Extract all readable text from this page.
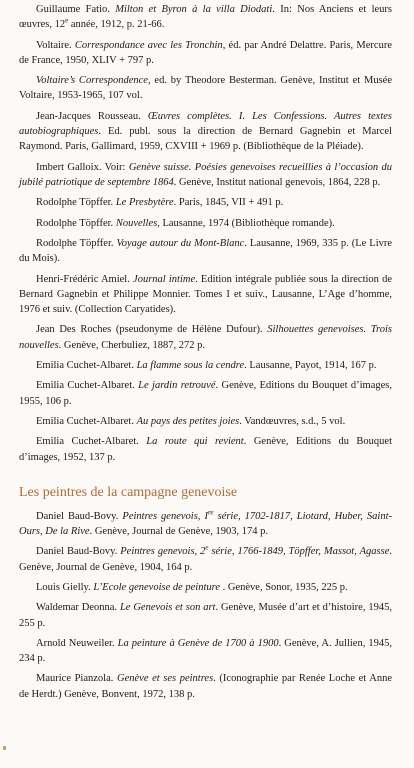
Guillaume Fatio. Milton et Byron à la villa Diodati. In: Nos Anciens et leurs œuvres, 12e année, 1912, p. 21-66.

Voltaire. Correspondance avec les Tronchin, éd. par André Delattre. Paris, Mercure de France, 1950, XLIV + 797 p.

Voltaire’s Correspondence, ed. by Theodore Besterman. Genève, Institut et Musée Voltaire, 1953-1965, 107 vol.

Jean-Jacques Rousseau. Œuvres complètes. I. Les Confessions. Autres textes autobiographiques. Ed. publ. sous la direction de Bernard Gagnebin et Marcel Raymond. Paris, Gallimard, 1959, CXVIII + 1969 p. (Bibliothèque de la Pléiade).

Imbert Galloix. Voir: Genève suisse. Poésies genevoises recueillies à l’occasion du jubilé patriotique de septembre 1864. Genève, Institut national genevois, 1864, 228 p.

Rodolphe Töpffer. Le Presbytère. Paris, 1845, VII + 491 p.

Rodolphe Töpffer. Nouvelles, Lausanne, 1974 (Bibliothèque romande).

Rodolphe Töpffer. Voyage autour du Mont-Blanc. Lausanne, 1969, 335 p. (Le Livre du Mois).

Henri-Frédéric Amiel. Journal intime. Edition intégrale publiée sous la direction de Bernard Gagnebin et Philippe Monnier. Tomes I et suiv., Lausanne, L’Age d’homme, 1976 et suiv. (Collection Caryatides).

Jean Des Roches (pseudonyme de Hélène Dufour). Silhouettes genevoises. Trois nouvelles. Genève, Cherbuliez, 1887, 272 p.

Emilia Cuchet-Albaret. La flamme sous la cendre. Lausanne, Payot, 1914, 167 p.

Emilia Cuchet-Albaret. Le jardin retrouvé. Genève, Editions du Bouquet d’images, 1955, 106 p.

Emilia Cuchet-Albaret. Au pays des petites joies. Vandœuvres, s.d., 5 vol.

Emilia Cuchet-Albaret. La route qui revient. Genève, Editions du Bouquet d’images, 1952, 137 p.

Les peintres de la campagne genevoise

Daniel Baud-Bovy. Peintres genevois, Ire série, 1702-1817, Liotard, Huber, Saint-Ours, De la Rive. Genève, Journal de Genève, 1903, 174 p.

Daniel Baud-Bovy. Peintres genevois, 2e série, 1766-1849, Töpffer, Massot, Agasse. Genève, Journal de Genève, 1904, 164 p.

Louis Gielly. L’Ecole genevoise de peinture . Genève, Sonor, 1935, 225 p.

Waldemar Deonna. Le Genevois et son art. Genève, Musée d’art et d’histoire, 1945, 255 p.

Arnold Neuweiler. La peinture à Genève de 1700 à 1900. Genève, A. Jullien, 1945, 234 p.

Maurice Pianzola. Genève et ses peintres. (Iconographie par Renée Loche et Anne de Herdt.) Genève, Bonvent, 1972, 138 p.
